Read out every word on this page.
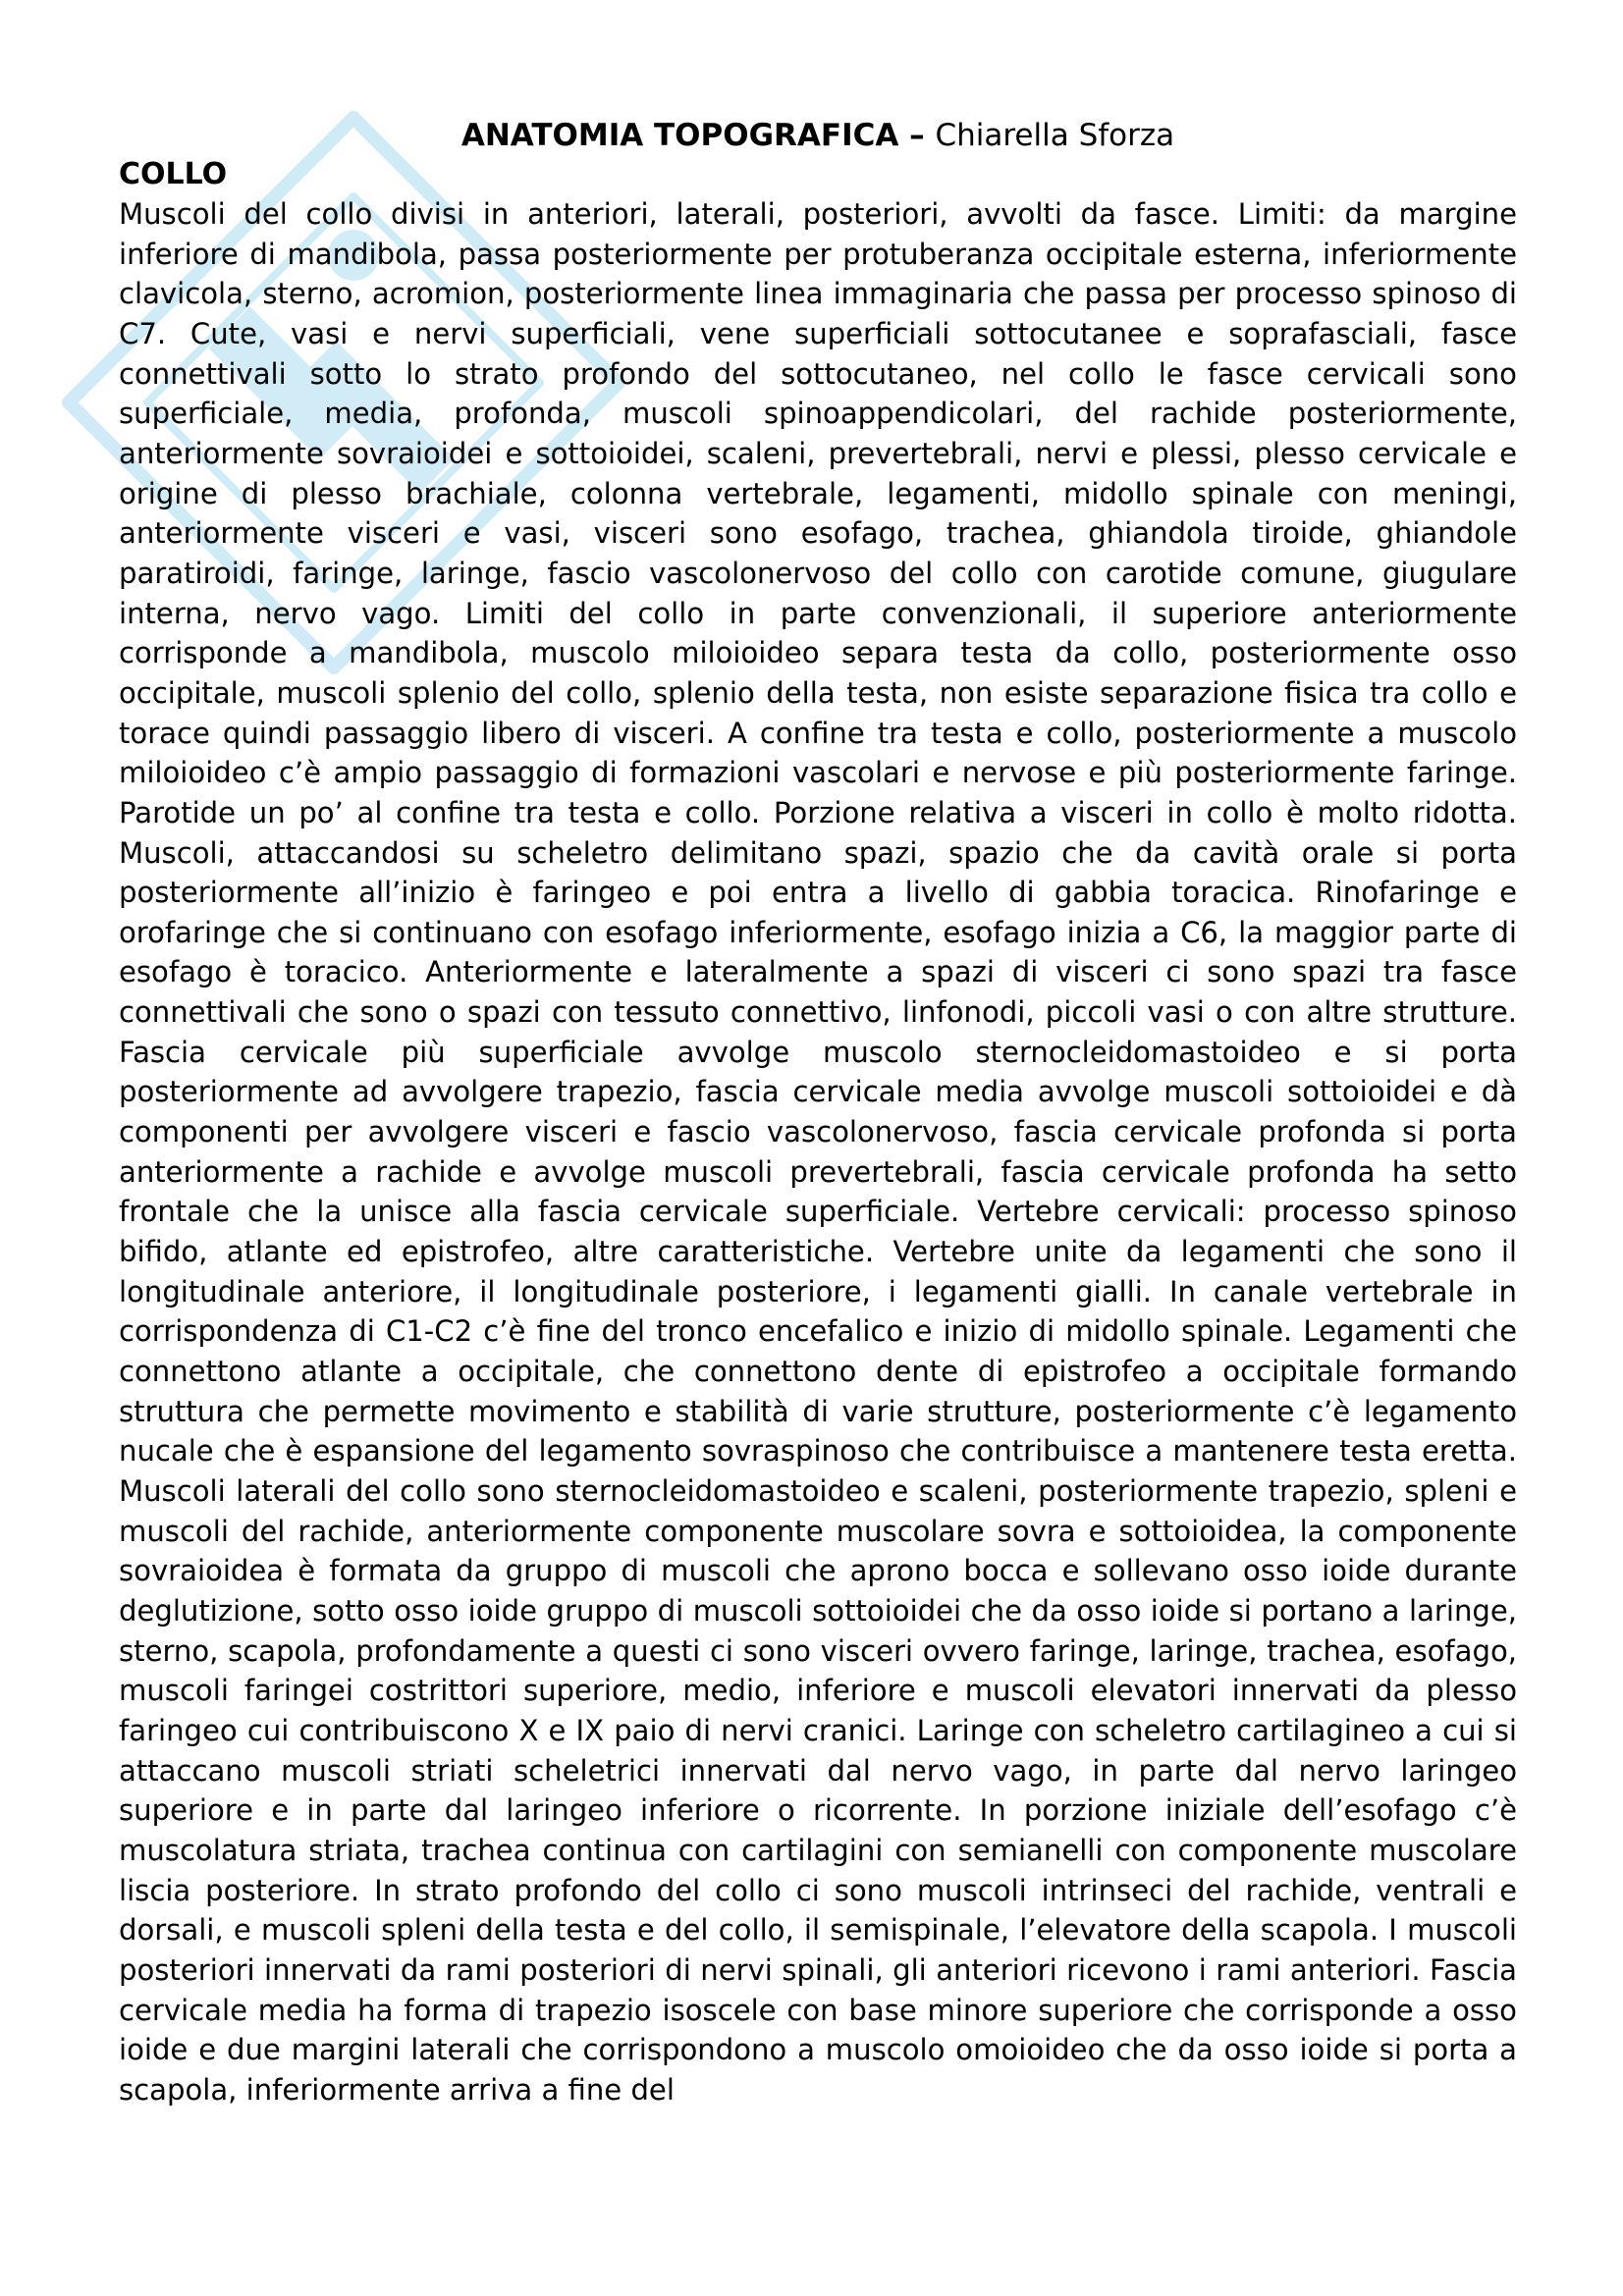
ANATOMIA TOPOGRAFICA – Chiarella Sforza
COLLO
Muscoli del collo divisi in anteriori, laterali, posteriori, avvolti da fasce. Limiti: da margine inferiore di mandibola, passa posteriormente per protuberanza occipitale esterna, inferiormente clavicola, sterno, acromion, posteriormente linea immaginaria che passa per processo spinoso di C7. Cute, vasi e nervi superficiali, vene superficiali sottocutanee e soprafasciali, fasce connettivali sotto lo strato profondo del sottocutaneo, nel collo le fasce cervicali sono superficiale, media, profonda, muscoli spinoappendicolari, del rachide posteriormente, anteriormente sovraioidei e sottoioidei, scaleni, prevertebrali, nervi e plessi, plesso cervicale e origine di plesso brachiale, colonna vertebrale, legamenti, midollo spinale con meningi, anteriormente visceri e vasi, visceri sono esofago, trachea, ghiandola tiroide, ghiandole paratiroidi, faringe, laringe, fascio vascolonervoso del collo con carotide comune, giugulare interna, nervo vago. Limiti del collo in parte convenzionali, il superiore anteriormente corrisponde a mandibola, muscolo miloioideo separa testa da collo, posteriormente osso occipitale, muscoli splenio del collo, splenio della testa, non esiste separazione fisica tra collo e torace quindi passaggio libero di visceri. A confine tra testa e collo, posteriormente a muscolo miloioideo c’è ampio passaggio di formazioni vascolari e nervose e più posteriormente faringe. Parotide un po’ al confine tra testa e collo. Porzione relativa a visceri in collo è molto ridotta. Muscoli, attaccandosi su scheletro delimitano spazi, spazio che da cavità orale si porta posteriormente all’inizio è faringeo e poi entra a livello di gabbia toracica. Rinofaringe e orofaringe che si continuano con esofago inferiormente, esofago inizia a C6, la maggior parte di esofago è toracico. Anteriormente e lateralmente a spazi di visceri ci sono spazi tra fasce connettivali che sono o spazi con tessuto connettivo, linfonodi, piccoli vasi o con altre strutture. Fascia cervicale più superficiale avvolge muscolo sternocleidomastoideo e si porta posteriormente ad avvolgere trapezio, fascia cervicale media avvolge muscoli sottoioidei e dà componenti per avvolgere visceri e fascio vascolonervoso, fascia cervicale profonda si porta anteriormente a rachide e avvolge muscoli prevertebrali, fascia cervicale profonda ha setto frontale che la unisce alla fascia cervicale superficiale. Vertebre cervicali: processo spinoso bifido, atlante ed epistrofeo, altre caratteristiche. Vertebre unite da legamenti che sono il longitudinale anteriore, il longitudinale posteriore, i legamenti gialli. In canale vertebrale in corrispondenza di C1-C2 c’è fine del tronco encefalico e inizio di midollo spinale. Legamenti che connettono atlante a occipitale, che connettono dente di epistrofeo a occipitale formando struttura che permette movimento e stabilità di varie strutture, posteriormente c’è legamento nucale che è espansione del legamento sovraspinoso che contribuisce a mantenere testa eretta. Muscoli laterali del collo sono sternocleidomastoideo e scaleni, posteriormente trapezio, spleni e muscoli del rachide, anteriormente componente muscolare sovra e sottoioidea, la componente sovraioidea è formata da gruppo di muscoli che aprono bocca e sollevano osso ioide durante deglutizione, sotto osso ioide gruppo di muscoli sottoioidei che da osso ioide si portano a laringe, sterno, scapola, profondamente a questi ci sono visceri ovvero faringe, laringe, trachea, esofago, muscoli faringei costrittori superiore, medio, inferiore e muscoli elevatori innervati da plesso faringeo cui contribuiscono X e IX paio di nervi cranici. Laringe con scheletro cartilagineo a cui si attaccano muscoli striati scheletrici innervati dal nervo vago, in parte dal nervo laringeo superiore e in parte dal laringeo inferiore o ricorrente. In porzione iniziale dell’esofago c’è muscolatura striata, trachea continua con cartilagini con semianelli con componente muscolare liscia posteriore. In strato profondo del collo ci sono muscoli intrinseci del rachide, ventrali e dorsali, e muscoli spleni della testa e del collo, il semispinale, l’elevatore della scapola. I muscoli posteriori innervati da rami posteriori di nervi spinali, gli anteriori ricevono i rami anteriori. Fascia cervicale media ha forma di trapezio isoscele con base minore superiore che corrisponde a osso ioide e due margini laterali che corrispondono a muscolo omoioideo che da osso ioide si porta a scapola, inferiormente arriva a fine del
